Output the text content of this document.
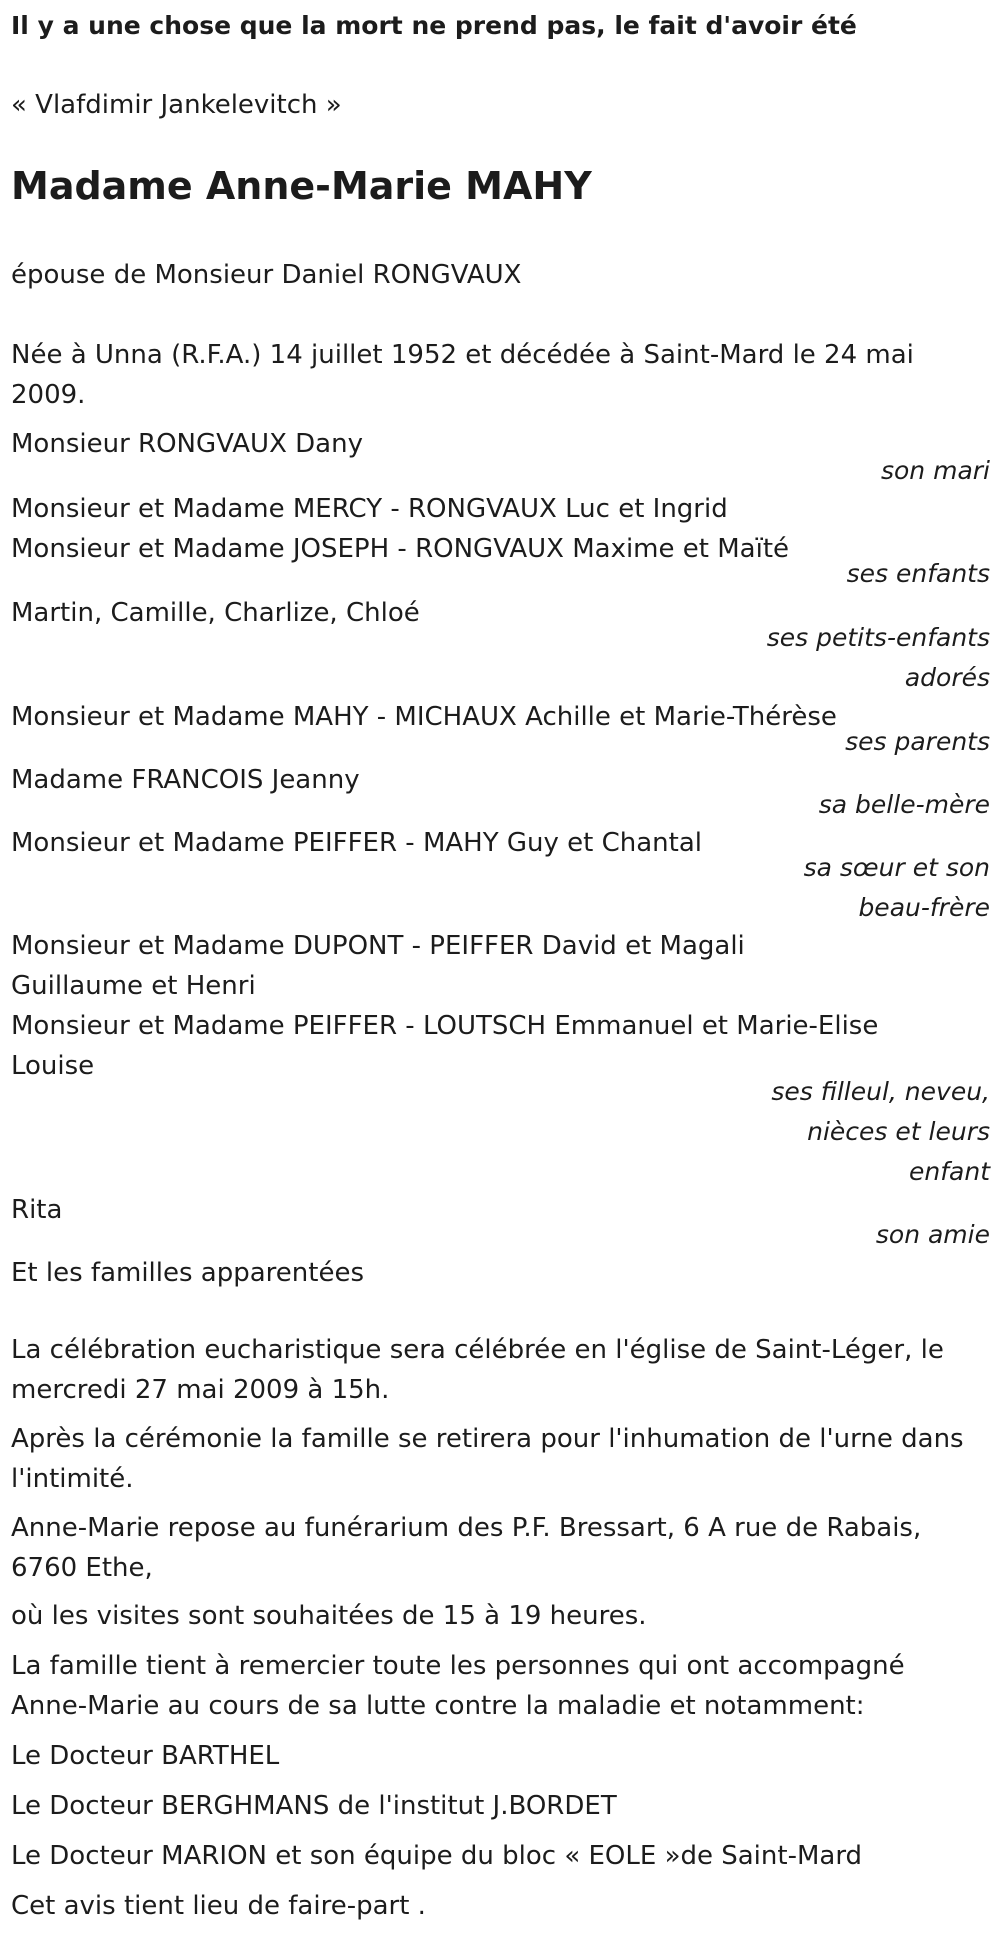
Il y a une chose que la mort ne prend pas, le fait d'avoir été
« Vlafdimir Jankelevitch »
Madame Anne-Marie MAHY
épouse de Monsieur Daniel RONGVAUX
Née à Unna (R.F.A.) 14 juillet 1952 et décédée à Saint-Mard le 24 mai
2009.
Monsieur RONGVAUX Dany
son mari
Monsieur et Madame MERCY - RONGVAUX Luc et Ingrid
Monsieur et Madame JOSEPH - RONGVAUX Maxime et Maïté
ses enfants
Martin, Camille, Charlize, Chloé
ses petits-enfants
adorés
Monsieur et Madame MAHY - MICHAUX Achille et Marie-Thérèse
ses parents
Madame FRANCOIS Jeanny
sa belle-mère
Monsieur et Madame PEIFFER - MAHY Guy et Chantal
sa sœur et son
beau-frère
Monsieur et Madame DUPONT - PEIFFER David et Magali
Guillaume et Henri
Monsieur et Madame PEIFFER - LOUTSCH Emmanuel et Marie-Elise
Louise
ses filleul, neveu,
nièces et leurs
enfant
Rita
son amie
Et les familles apparentées
La célébration eucharistique sera célébrée en l'église de Saint-Léger, le
mercredi 27 mai 2009 à 15h.
Après la cérémonie la famille se retirera pour l'inhumation de l'urne dans
l'intimité.
Anne-Marie repose au funérarium des P.F. Bressart, 6 A rue de Rabais,
6760 Ethe,
où les visites sont souhaitées de 15 à 19 heures.
La famille tient à remercier toute les personnes qui ont accompagné
Anne-Marie au cours de sa lutte contre la maladie et notamment:
Le Docteur BARTHEL
Le Docteur BERGHMANS de l'institut J.BORDET
Le Docteur MARION et son équipe du bloc « EOLE »de Saint-Mard
Cet avis tient lieu de faire-part .
